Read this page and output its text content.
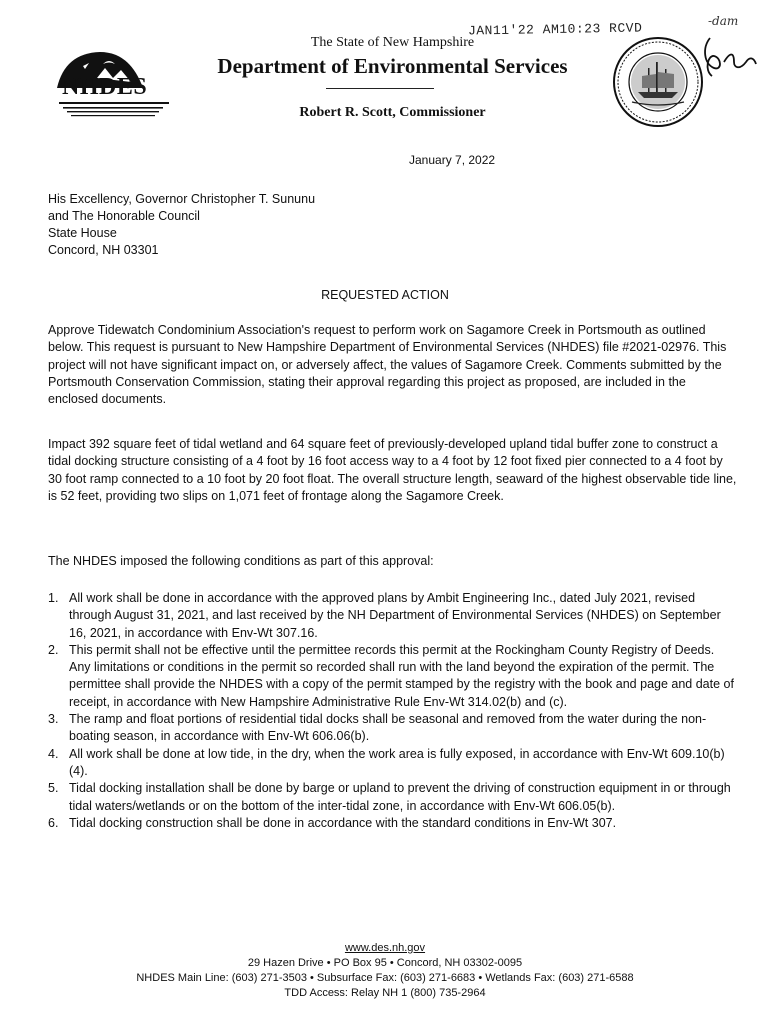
NHDES
JAN11'22 AM10:23 RCVD	-dam
The State of New Hampshire
Department of Environmental Services
Robert R. Scott, Commissioner
January 7, 2022
His Excellency, Governor Christopher T. Sununu
and The Honorable Council
State House
Concord, NH 03301
REQUESTED ACTION
Approve Tidewatch Condominium Association's request to perform work on Sagamore Creek in Portsmouth as outlined below. This request is pursuant to New Hampshire Department of Environmental Services (NHDES) file #2021-02976. This project will not have significant impact on, or adversely affect, the values of Sagamore Creek. Comments submitted by the Portsmouth Conservation Commission, stating their approval regarding this project as proposed, are included in the enclosed documents.
Impact 392 square feet of tidal wetland and 64 square feet of previously-developed upland tidal buffer zone to construct a tidal docking structure consisting of a 4 foot by 16 foot access way to a 4 foot by 12 foot fixed pier connected to a 4 foot by 30 foot ramp connected to a 10 foot by 20 foot float. The overall structure length, seaward of the highest observable tide line, is 52 feet, providing two slips on 1,071 feet of frontage along the Sagamore Creek.
The NHDES imposed the following conditions as part of this approval:
1. All work shall be done in accordance with the approved plans by Ambit Engineering Inc., dated July 2021, revised through August 31, 2021, and last received by the NH Department of Environmental Services (NHDES) on September 16, 2021, in accordance with Env-Wt 307.16.
2. This permit shall not be effective until the permittee records this permit at the Rockingham County Registry of Deeds. Any limitations or conditions in the permit so recorded shall run with the land beyond the expiration of the permit. The permittee shall provide the NHDES with a copy of the permit stamped by the registry with the book and page and date of receipt, in accordance with New Hampshire Administrative Rule Env-Wt 314.02(b) and (c).
3. The ramp and float portions of residential tidal docks shall be seasonal and removed from the water during the non-boating season, in accordance with Env-Wt 606.06(b).
4. All work shall be done at low tide, in the dry, when the work area is fully exposed, in accordance with Env-Wt 609.10(b)(4).
5. Tidal docking installation shall be done by barge or upland to prevent the driving of construction equipment in or through tidal waters/wetlands or on the bottom of the inter-tidal zone, in accordance with Env-Wt 606.05(b).
6. Tidal docking construction shall be done in accordance with the standard conditions in Env-Wt 307.
www.des.nh.gov
29 Hazen Drive • PO Box 95 • Concord, NH 03302-0095
NHDES Main Line: (603) 271-3503 • Subsurface Fax: (603) 271-6683 • Wetlands Fax: (603) 271-6588
TDD Access: Relay NH 1 (800) 735-2964
